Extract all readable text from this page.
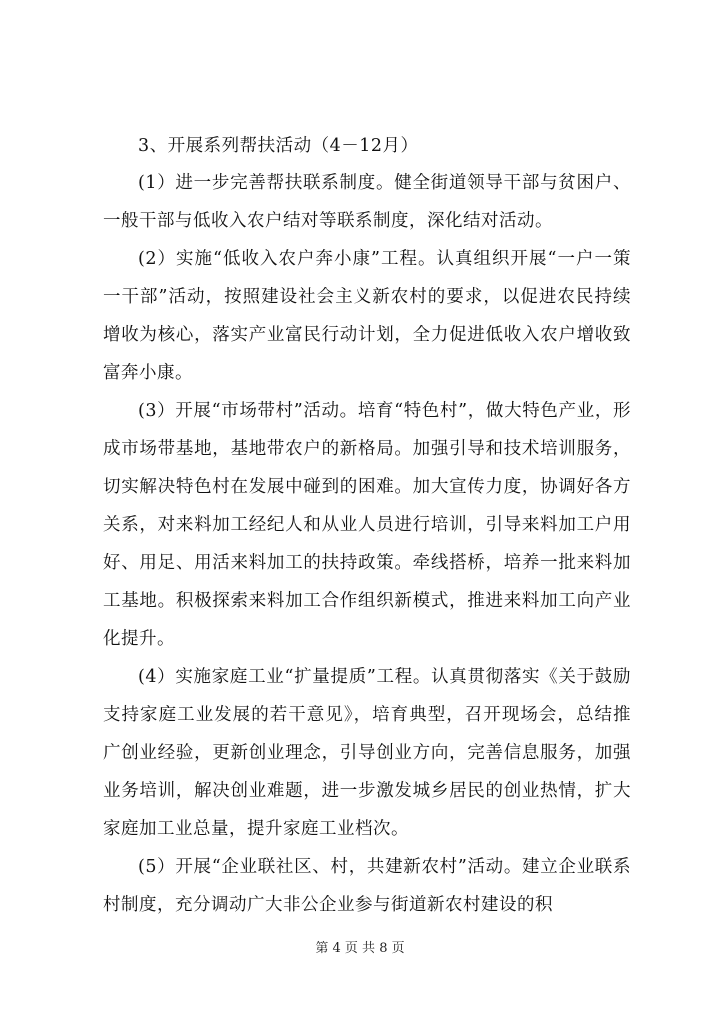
3、开展系列帮扶活动（4－12月）

(1）进一步完善帮扶联系制度。健全街道领导干部与贫困户、一般干部与低收入农户结对等联系制度，深化结对活动。

(2）实施“低收入农户奔小康”工程。认真组织开展“一户一策一干部”活动，按照建设社会主义新农村的要求，以促进农民持续增收为核心，落实产业富民行动计划，全力促进低收入农户增收致富奔小康。

(3）开展“市场带村”活动。培育“特色村”，做大特色产业，形成市场带基地，基地带农户的新格局。加强引导和技术培训服务，切实解决特色村在发展中碰到的困难。加大宣传力度，协调好各方关系，对来料加工经纪人和从业人员进行培训，引导来料加工户用好、用足、用活来料加工的扶持政策。牵线搭桥，培养一批来料加工基地。积极探索来料加工合作组织新模式，推进来料加工向产业化提升。

(4）实施家庭工业“扩量提质”工程。认真贯彻落实《关于鼓励支持家庭工业发展的若干意见》，培育典型，召开现场会，总结推广创业经验，更新创业理念，引导创业方向，完善信息服务，加强业务培训，解决创业难题，进一步激发城乡居民的创业热情，扩大家庭加工业总量，提升家庭工业档次。

(5）开展“企业联社区、村，共建新农村”活动。建立企业联系村制度，充分调动广大非公企业参与街道新农村建设的积

第 4 页 共 8 页
